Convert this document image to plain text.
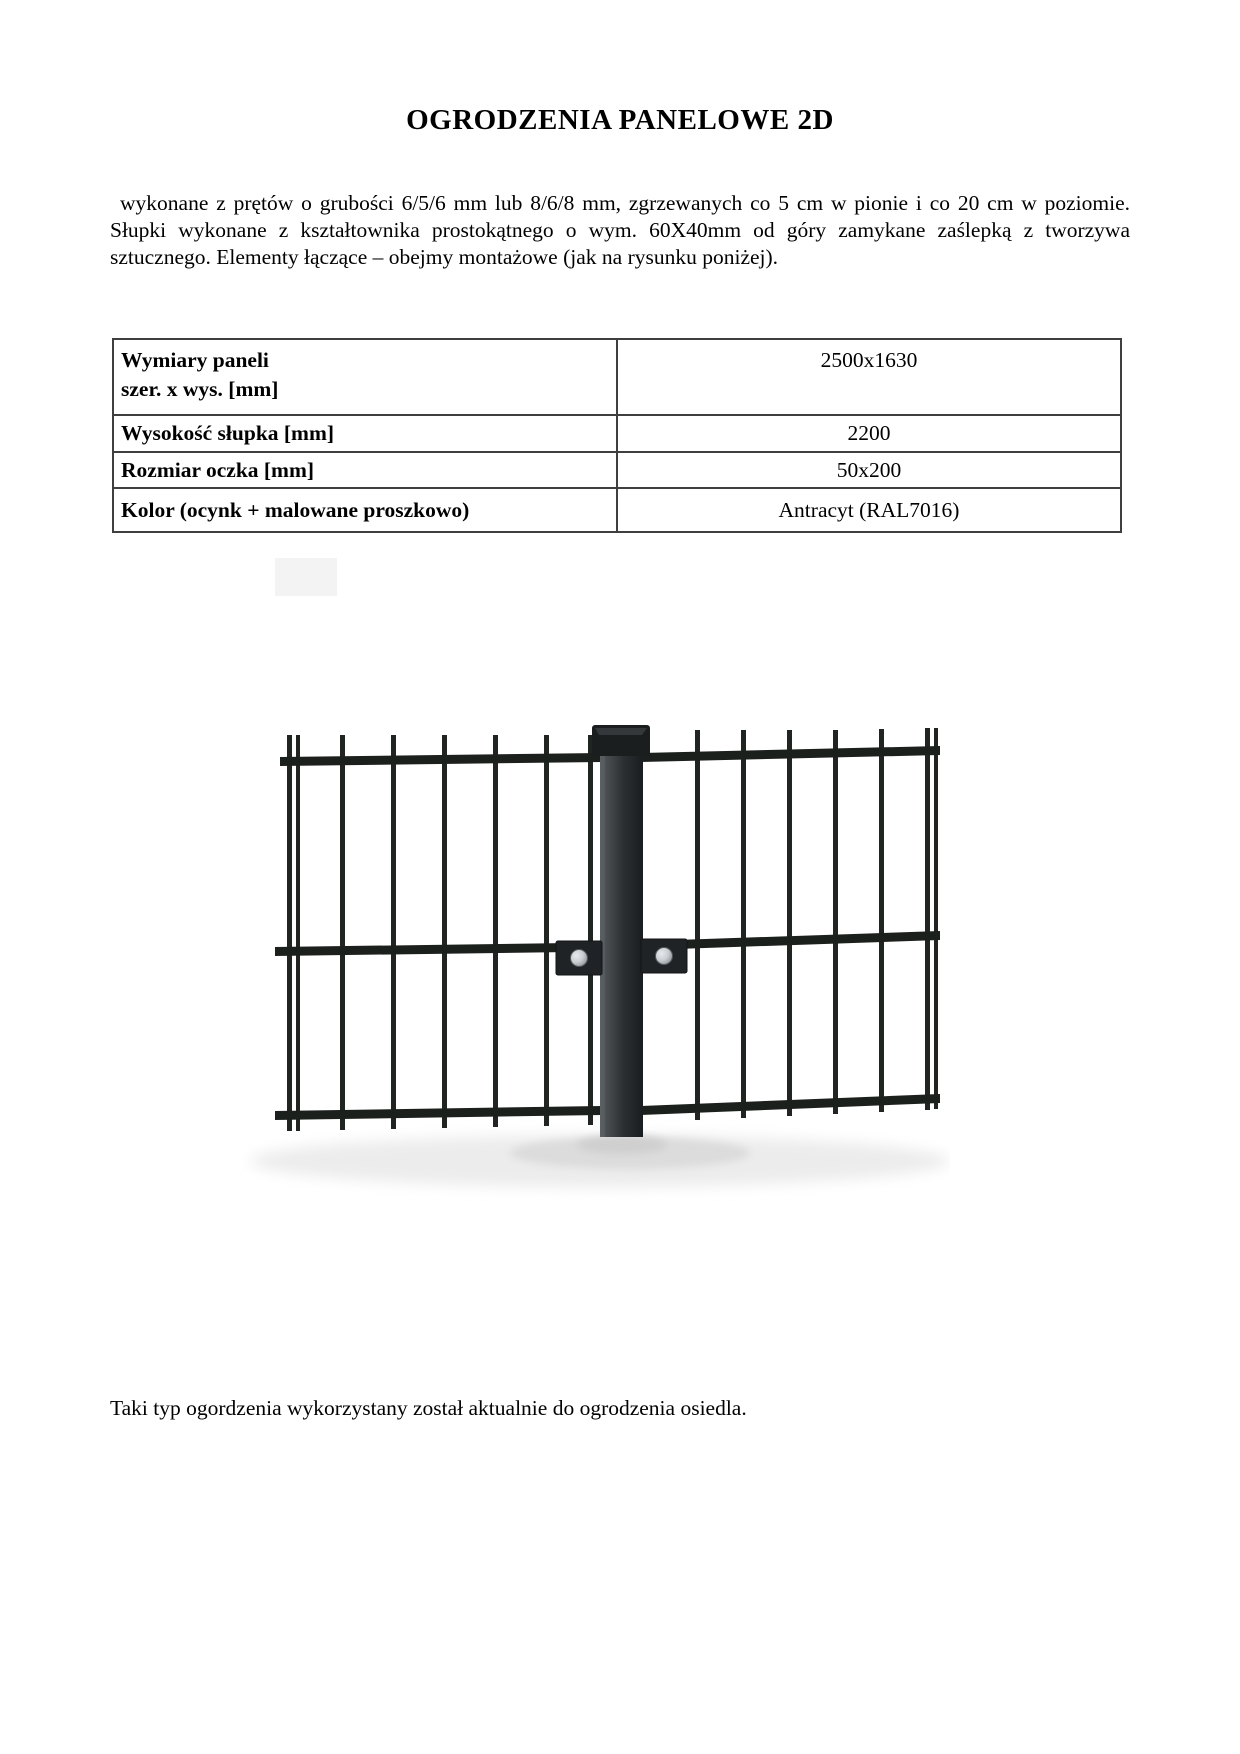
OGRODZENIA PANELOWE 2D

wykonane z prętów o grubości 6/5/6 mm lub 8/6/8 mm, zgrzewanych co 5 cm w pionie i co 20 cm w poziomie. Słupki wykonane z kształtownika prostokątnego o wym. 60X40mm od góry zamykane zaślepką z tworzywa sztucznego. Elementy łączące – obejmy montażowe (jak na rysunku poniżej).

Wymiary paneli
szer. x wys. [mm]	2500x1630
Wysokość słupka [mm]	2200
Rozmiar oczka [mm]	50x200
Kolor (ocynk + malowane proszkowo)	Antracyt (RAL7016)
Taki typ ogordzenia wykorzystany został aktualnie do ogrodzenia osiedla.
